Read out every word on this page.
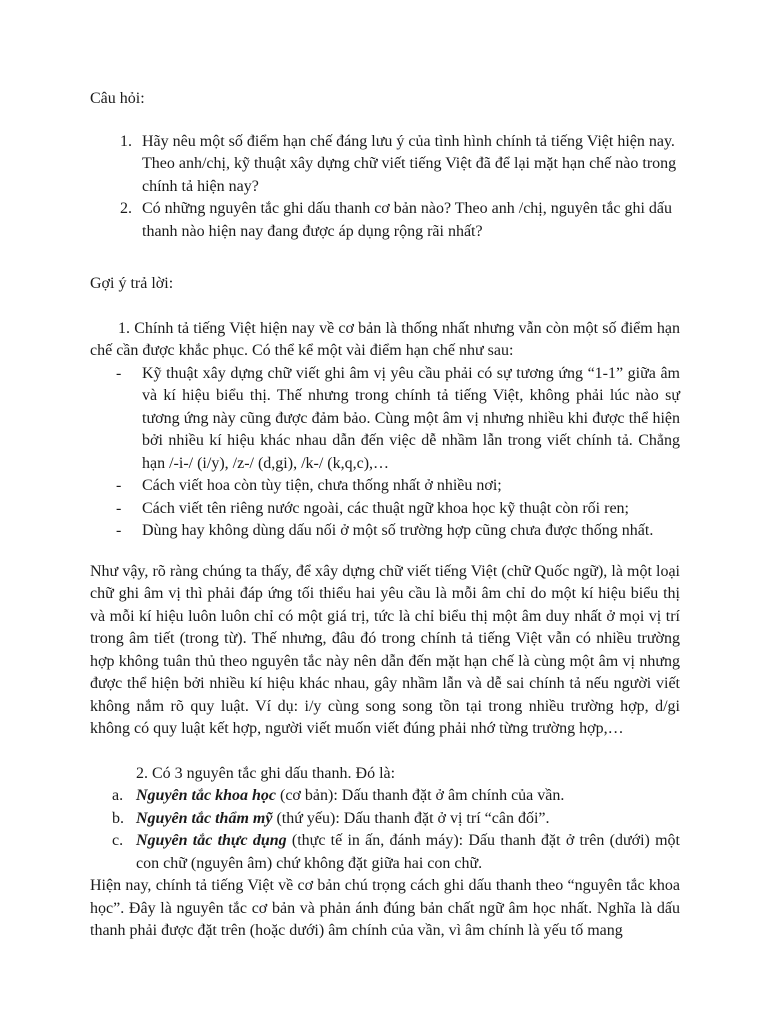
Câu hỏi:

1. Hãy nêu một số điểm hạn chế đáng lưu ý của tình hình chính tả tiếng Việt hiện nay. Theo anh/chị, kỹ thuật xây dựng chữ viết tiếng Việt đã để lại mặt hạn chế nào trong chính tả hiện nay?
2. Có những nguyên tắc ghi dấu thanh cơ bản nào? Theo anh /chị, nguyên tắc ghi dấu thanh nào hiện nay đang được áp dụng rộng rãi nhất?

Gợi ý trả lời:

1. Chính tả tiếng Việt hiện nay về cơ bản là thống nhất nhưng vẫn còn một số điểm hạn chế cần được khắc phục. Có thể kể một vài điểm hạn chế như sau:

- Kỹ thuật xây dựng chữ viết ghi âm vị yêu cầu phải có sự tương ứng “1-1” giữa âm và kí hiệu biểu thị. Thế nhưng trong chính tả tiếng Việt, không phải lúc nào sự tương ứng này cũng được đảm bảo. Cùng một âm vị nhưng nhiều khi được thể hiện bởi nhiều kí hiệu khác nhau dẫn đến việc dễ nhầm lẫn trong viết chính tả. Chẳng hạn /-i-/ (i/y), /z-/ (d,gi), /k-/ (k,q,c),…
- Cách viết hoa còn tùy tiện, chưa thống nhất ở nhiều nơi;
- Cách viết tên riêng nước ngoài, các thuật ngữ khoa học kỹ thuật còn rối ren;
- Dùng hay không dùng dấu nối ở một số trường hợp cũng chưa được thống nhất.

Như vậy, rõ ràng chúng ta thấy, để xây dựng chữ viết tiếng Việt (chữ Quốc ngữ), là một loại chữ ghi âm vị thì phải đáp ứng tối thiểu hai yêu cầu là mỗi âm chỉ do một kí hiệu biểu thị và mỗi kí hiệu luôn luôn chỉ có một giá trị, tức là chỉ biểu thị một âm duy nhất ở mọi vị trí trong âm tiết (trong từ). Thế nhưng, đâu đó trong chính tả tiếng Việt vẫn có nhiều trường hợp không tuân thủ theo nguyên tắc này nên dẫn đến mặt hạn chế là cùng một âm vị nhưng được thể hiện bởi nhiều kí hiệu khác nhau, gây nhầm lẫn và dễ sai chính tả nếu người viết không nắm rõ quy luật. Ví dụ: i/y cùng song song tồn tại trong nhiều trường hợp, d/gi không có quy luật kết hợp, người viết muốn viết đúng phải nhớ từng trường hợp,…

2. Có 3 nguyên tắc ghi dấu thanh. Đó là:

a. Nguyên tắc khoa học (cơ bản): Dấu thanh đặt ở âm chính của vần.
b. Nguyên tắc thẩm mỹ (thứ yếu): Dấu thanh đặt ở vị trí “cân đối”.
c. Nguyên tắc thực dụng (thực tế in ấn, đánh máy): Dấu thanh đặt ở trên (dưới) một con chữ (nguyên âm) chứ không đặt giữa hai con chữ.

Hiện nay, chính tả tiếng Việt về cơ bản chú trọng cách ghi dấu thanh theo “nguyên tắc khoa học”. Đây là nguyên tắc cơ bản và phản ánh đúng bản chất ngữ âm học nhất. Nghĩa là dấu thanh phải được đặt trên (hoặc dưới) âm chính của vần, vì âm chính là yếu tố mang
